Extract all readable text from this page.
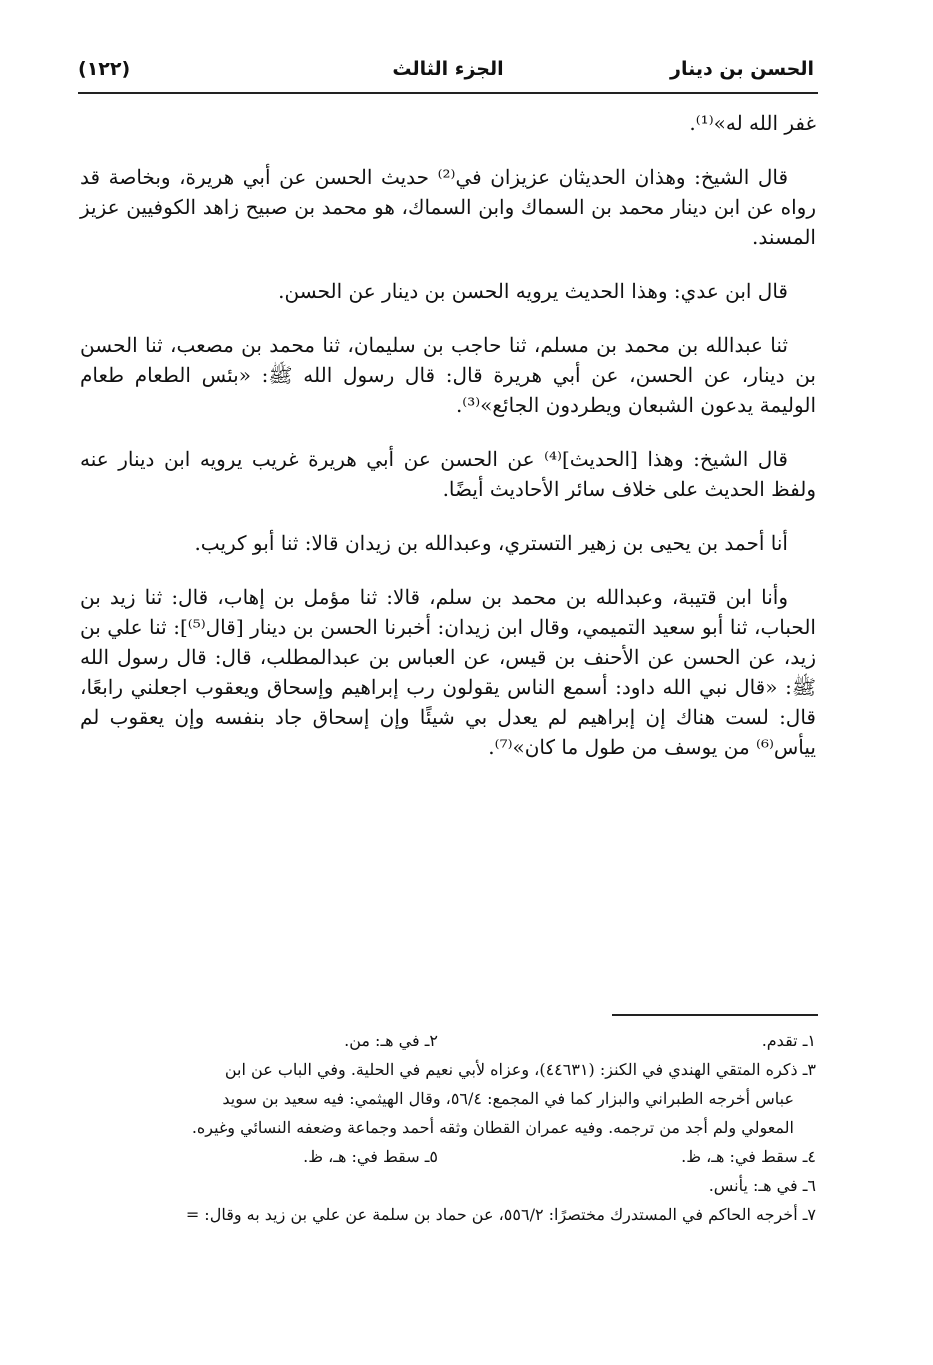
الحسن بن دينار
الجزء الثالث
(١٢٢)

غفر الله له»⁽¹⁾.

قال الشيخ: وهذان الحديثان عزيزان في⁽²⁾ حديث الحسن عن أبي هريرة، وبخاصة قد رواه عن ابن دينار محمد بن السماك وابن السماك، هو محمد بن صبيح زاهد الكوفيين عزيز المسند.

قال ابن عدي: وهذا الحديث يرويه الحسن بن دينار عن الحسن.

ثنا عبدالله بن محمد بن مسلم، ثنا حاجب بن سليمان، ثنا محمد بن مصعب، ثنا الحسن بن دينار، عن الحسن، عن أبي هريرة قال: قال رسول الله ﷺ: «بئس الطعام طعام الوليمة يدعون الشبعان ويطردون الجائع»⁽³⁾.

قال الشيخ: وهذا [الحديث]⁽⁴⁾ عن الحسن عن أبي هريرة غريب يرويه ابن دينار عنه ولفظ الحديث على خلاف سائر الأحاديث أيضًا.

أنا أحمد بن يحيى بن زهير التستري، وعبدالله بن زيدان قالا: ثنا أبو كريب.

وأنا ابن قتيبة، وعبدالله بن محمد بن سلم، قالا: ثنا مؤمل بن إهاب، قال: ثنا زيد بن الحباب، ثنا أبو سعيد التميمي، وقال ابن زيدان: أخبرنا الحسن بن دينار [قال⁽⁵⁾]: ثنا علي بن زيد، عن الحسن عن الأحنف بن قيس، عن العباس بن عبدالمطلب، قال: قال رسول الله ﷺ: «قال نبي الله داود: أسمع الناس يقولون رب إبراهيم وإسحاق ويعقوب اجعلني رابعًا، قال: لست هناك إن إبراهيم لم يعدل بي شيئًا وإن إسحاق جاد بنفسه وإن يعقوب لم ييأس⁽⁶⁾ من يوسف من طول ما كان»⁽⁷⁾.

١ـ تقدم.
٢ـ في هـ: من.

٣ـ ذكره المتقي الهندي في الكنز: (٤٤٦٣١)، وعزاه لأبي نعيم في الحلية. وفي الباب عن ابن

عباس أخرجه الطبراني والبزار كما في المجمع: ٥٦/٤، وقال الهيثمي: فيه سعيد بن سويد

المعولي ولم أجد من ترجمه. وفيه عمران القطان وثقه أحمد وجماعة وضعفه النسائي وغيره.

٤ـ سقط في: هـ، ظ.
٥ـ سقط في: هـ، ظ.

٦ـ في هـ: يأنس.

٧ـ أخرجه الحاكم في المستدرك مختصرًا: ٥٥٦/٢، عن حماد بن سلمة عن علي بن زيد به وقال: =
